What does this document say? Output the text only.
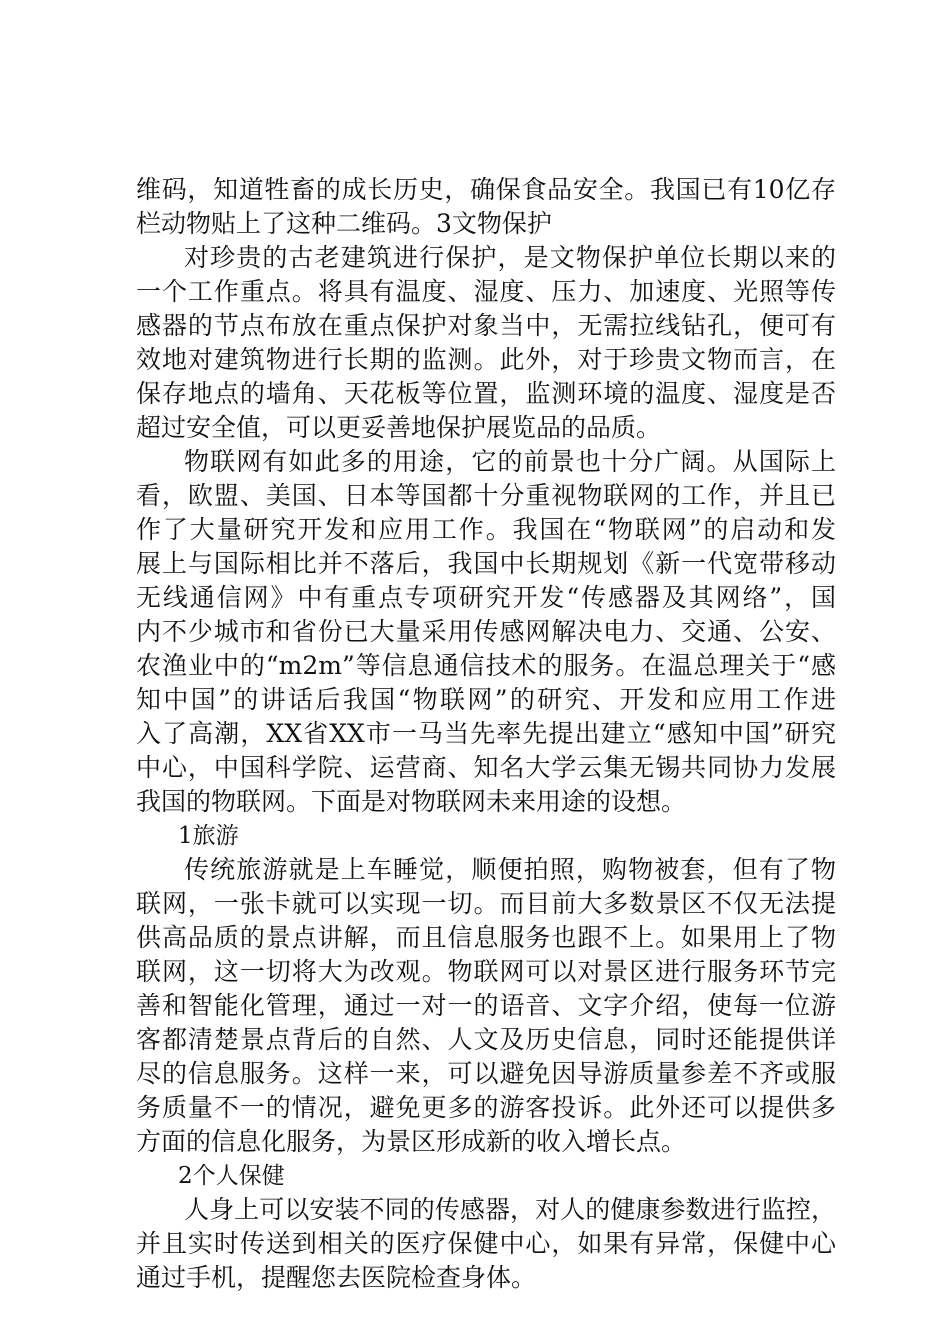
维码，知道牲畜的成长历史，确保食品安全。我国已有10亿存
栏动物贴上了这种二维码。3文物保护
对珍贵的古老建筑进行保护，是文物保护单位长期以来的
一个工作重点。将具有温度、湿度、压力、加速度、光照等传
感器的节点布放在重点保护对象当中，无需拉线钻孔，便可有
效地对建筑物进行长期的监测。此外，对于珍贵文物而言，在
保存地点的墙角、天花板等位置，监测环境的温度、湿度是否
超过安全值，可以更妥善地保护展览品的品质。
物联网有如此多的用途，它的前景也十分广阔。从国际上
看，欧盟、美国、日本等国都十分重视物联网的工作，并且已
作了大量研究开发和应用工作。我国在“物联网”的启动和发
展上与国际相比并不落后，我国中长期规划《新一代宽带移动
无线通信网》中有重点专项研究开发“传感器及其网络”，国
内不少城市和省份已大量采用传感网解决电力、交通、公安、
农渔业中的“m2m”等信息通信技术的服务。在温总理关于“感
知中国”的讲话后我国“物联网”的研究、开发和应用工作进
入了高潮，XX省XX市一马当先率先提出建立“感知中国”研究
中心，中国科学院、运营商、知名大学云集无锡共同协力发展
我国的物联网。下面是对物联网未来用途的设想。
1旅游
传统旅游就是上车睡觉，顺便拍照，购物被套，但有了物
联网，一张卡就可以实现一切。而目前大多数景区不仅无法提
供高品质的景点讲解，而且信息服务也跟不上。如果用上了物
联网，这一切将大为改观。物联网可以对景区进行服务环节完
善和智能化管理，通过一对一的语音、文字介绍，使每一位游
客都清楚景点背后的自然、人文及历史信息，同时还能提供详
尽的信息服务。这样一来，可以避免因导游质量参差不齐或服
务质量不一的情况，避免更多的游客投诉。此外还可以提供多
方面的信息化服务，为景区形成新的收入增长点。
2个人保健
人身上可以安装不同的传感器，对人的健康参数进行监控，
并且实时传送到相关的医疗保健中心，如果有异常，保健中心
通过手机，提醒您去医院检查身体。
